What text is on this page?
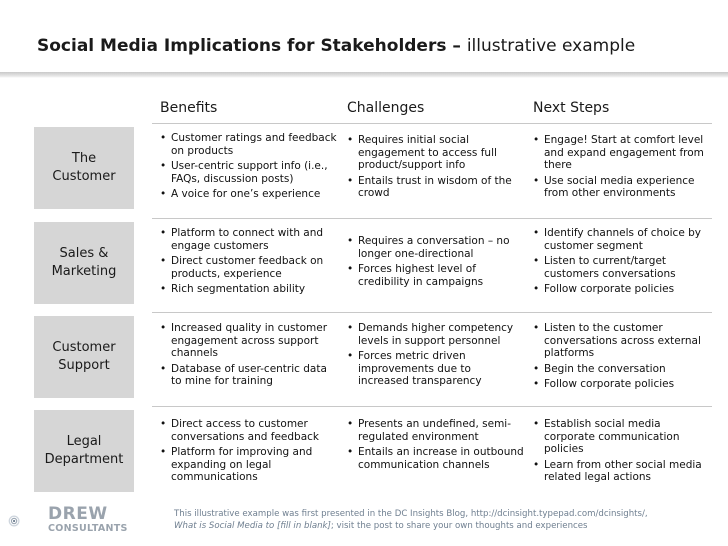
Social Media Implications for Stakeholders – illustrative example
Benefits	Challenges	Next Steps
The
Customer
• Customer ratings and feedback on products
• User-centric support info (i.e., FAQs, discussion posts)
• A voice for one’s experience
• Requires initial social engagement to access full product/support info
• Entails trust in wisdom of the crowd
• Engage! Start at comfort level and expand engagement from there
• Use social media experience from other environments
Sales &
Marketing
• Platform to connect with and engage customers
• Direct customer feedback on products, experience
• Rich segmentation ability
• Requires a conversation – no longer one-directional
• Forces highest level of credibility in campaigns
• Identify channels of choice by customer segment
• Listen to current/target customers conversations
• Follow corporate policies
Customer
Support
• Increased quality in customer engagement across support channels
• Database of user-centric data to mine for training
• Demands higher competency levels in support personnel
• Forces metric driven improvements due to increased transparency
• Listen to the customer conversations across external platforms
• Begin the conversation
• Follow corporate policies
Legal
Department
• Direct access to customer conversations and feedback
• Platform for improving and expanding on legal communications
• Presents an undefined, semi-regulated environment
• Entails an increase in outbound communication channels
• Establish social media corporate communication policies
• Learn from other social media related legal actions
DREW
CONSULTANTS
This illustrative example was first presented in the DC Insights Blog, http://dcinsight.typepad.com/dcinsights/,
What is Social Media to [fill in blank]; visit the post to share your own thoughts and experiences
